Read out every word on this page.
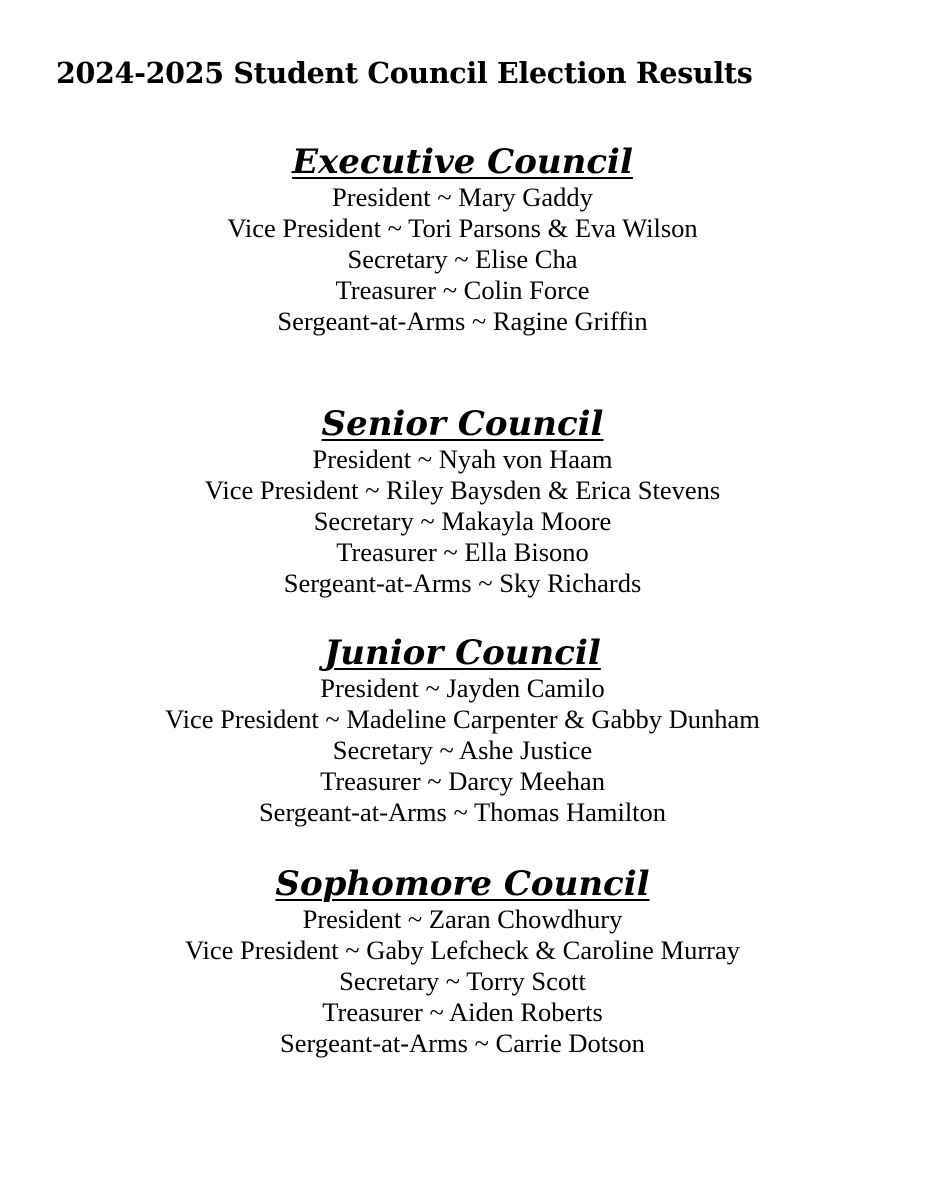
2024-2025 Student Council Election Results
Executive Council
President ~ Mary Gaddy
Vice President ~ Tori Parsons & Eva Wilson
Secretary ~ Elise Cha
Treasurer ~ Colin Force
Sergeant-at-Arms ~ Ragine Griffin
Senior Council
President ~ Nyah von Haam
Vice President ~ Riley Baysden & Erica Stevens
Secretary ~ Makayla Moore
Treasurer ~ Ella Bisono
Sergeant-at-Arms ~ Sky Richards
Junior Council
President ~ Jayden Camilo
Vice President ~ Madeline Carpenter & Gabby Dunham
Secretary ~ Ashe Justice
Treasurer ~ Darcy Meehan
Sergeant-at-Arms ~ Thomas Hamilton
Sophomore Council
President ~ Zaran Chowdhury
Vice President ~ Gaby Lefcheck & Caroline Murray
Secretary ~ Torry Scott
Treasurer ~ Aiden Roberts
Sergeant-at-Arms ~ Carrie Dotson
